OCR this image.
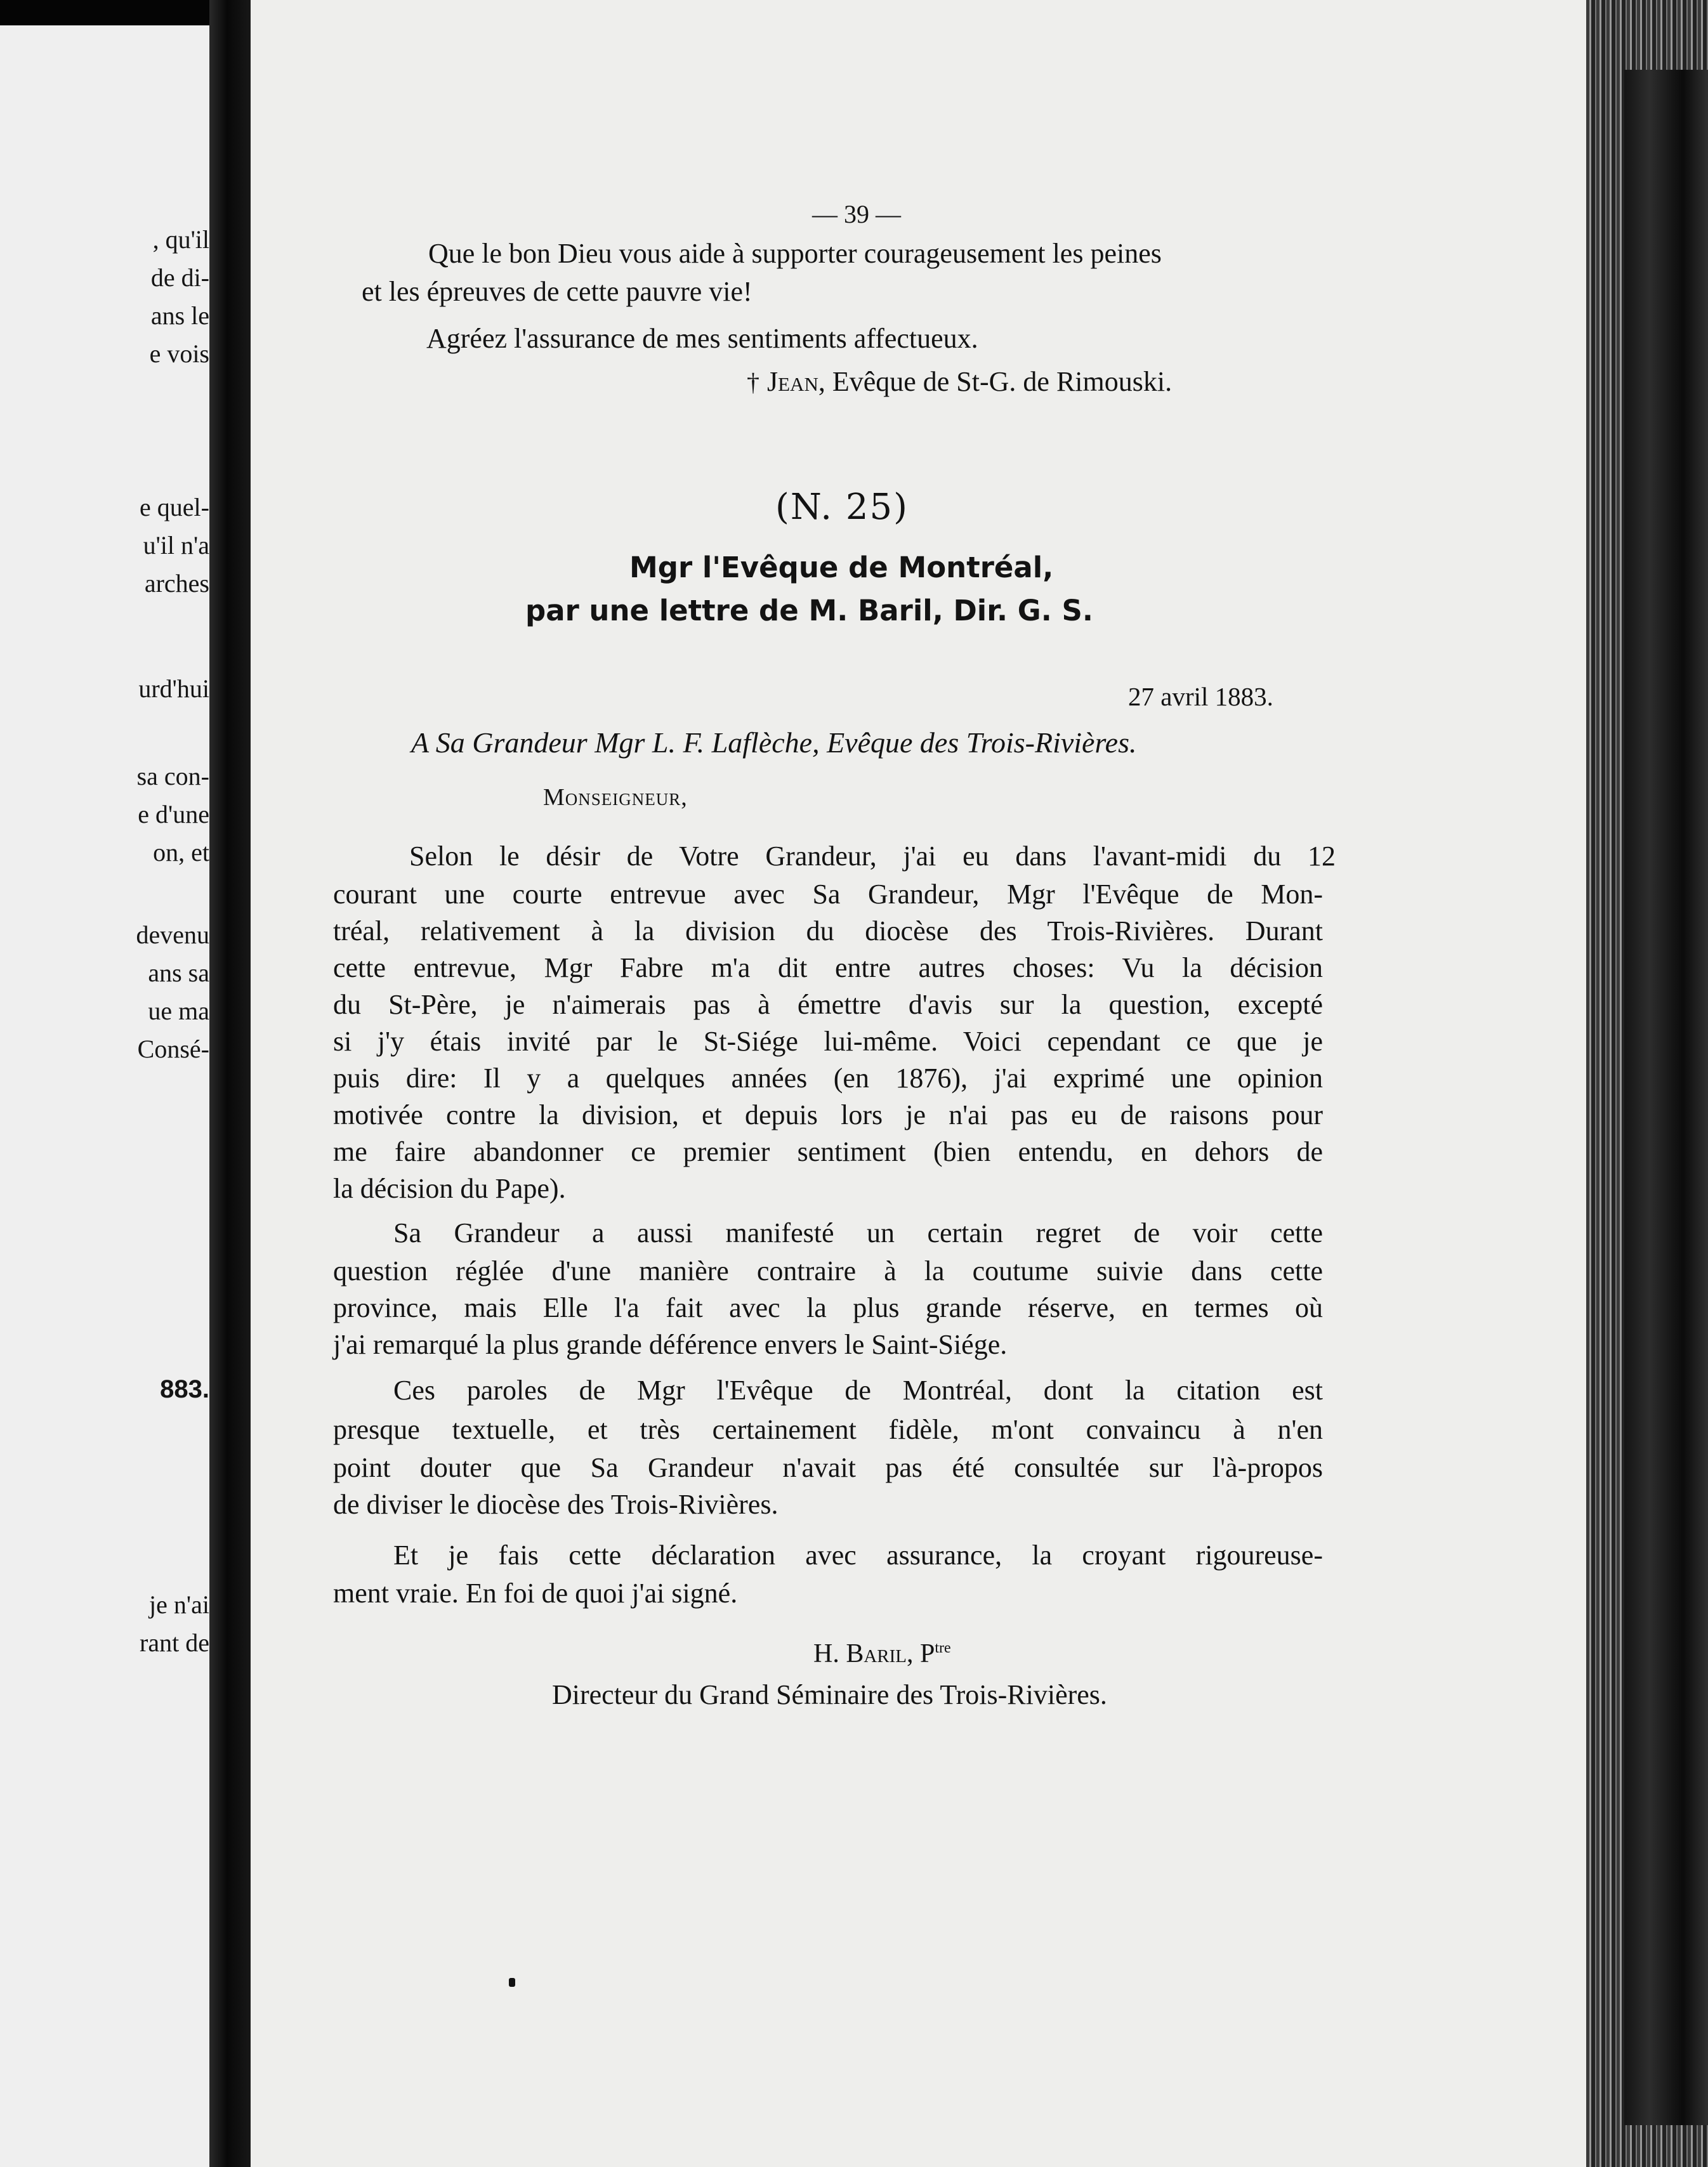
, qu'il
de di-
ans le
e vois
e quel-
u'il n'a
arches
urd'hui
sa con-
e d'une
on, et
devenu
ans sa
ue ma
Consé-
883.
je n'ai
rant de
— 39 —
Que le bon Dieu vous aide à supporter courageusement les peines
et les épreuves de cette pauvre vie!
Agréez l'assurance de mes sentiments affectueux.
† Jean, Evêque de St-G. de Rimouski.
(N. 25)
Mgr l'Evêque de Montréal,
par une lettre de M. Baril, Dir. G. S.
27 avril 1883.
A Sa Grandeur Mgr L. F. Laflèche, Evêque des Trois-Rivières.
Monseigneur,
Selon le désir de Votre Grandeur, j'ai eu dans l'avant-midi du 12
courant une courte entrevue avec Sa Grandeur, Mgr l'Evêque de Mon-
tréal, relativement à la division du diocèse des Trois-Rivières. Durant
cette entrevue, Mgr Fabre m'a dit entre autres choses: Vu la décision
du St-Père, je n'aimerais pas à émettre d'avis sur la question, excepté
si j'y étais invité par le St-Siége lui-même. Voici cependant ce que je
puis dire: Il y a quelques années (en 1876), j'ai exprimé une opinion
motivée contre la division, et depuis lors je n'ai pas eu de raisons pour
me faire abandonner ce premier sentiment (bien entendu, en dehors de
la décision du Pape).
Sa Grandeur a aussi manifesté un certain regret de voir cette
question réglée d'une manière contraire à la coutume suivie dans cette
province, mais Elle l'a fait avec la plus grande réserve, en termes où
j'ai remarqué la plus grande déférence envers le Saint-Siége.
Ces paroles de Mgr l'Evêque de Montréal, dont la citation est
presque textuelle, et très certainement fidèle, m'ont convaincu à n'en
point douter que Sa Grandeur n'avait pas été consultée sur l'à-propos
de diviser le diocèse des Trois-Rivières.
Et je fais cette déclaration avec assurance, la croyant rigoureuse-
ment vraie. En foi de quoi j'ai signé.
H. Baril, $P^{tre}$
Directeur du Grand Séminaire des Trois-Rivières.
